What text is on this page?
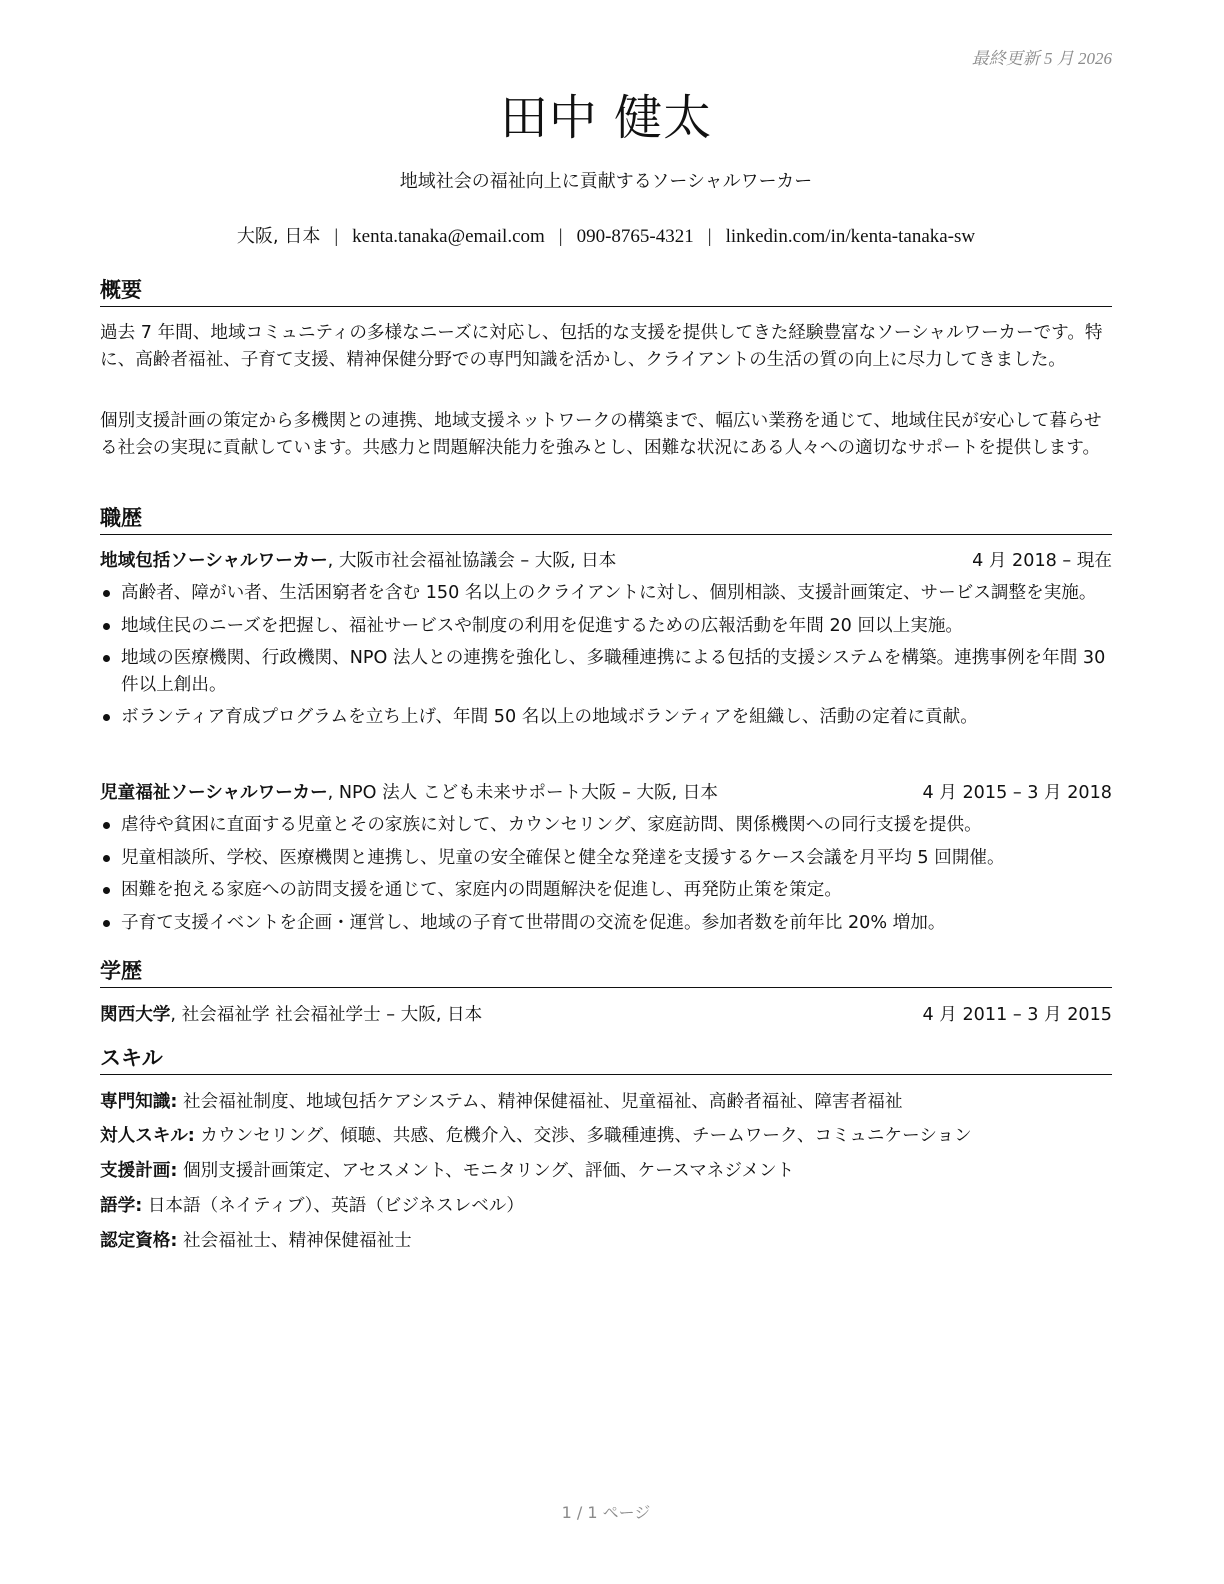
最終更新 5 月 2026
田中 健太
地域社会の福祉向上に貢献するソーシャルワーカー
大阪, 日本 | kenta.tanaka@email.com | 090-8765-4321 | linkedin.com/in/kenta-tanaka-sw
概要
過去 7 年間、地域コミュニティの多様なニーズに対応し、包括的な支援を提供してきた経験豊富なソーシャルワーカーです。特に、高齢者福祉、子育て支援、精神保健分野での専門知識を活かし、クライアントの生活の質の向上に尽力してきました。
個別支援計画の策定から多機関との連携、地域支援ネットワークの構築まで、幅広い業務を通じて、地域住民が安心して暮らせる社会の実現に貢献しています。共感力と問題解決能力を強みとし、困難な状況にある人々への適切なサポートを提供します。
職歴
地域包括ソーシャルワーカー, 大阪市社会福祉協議会 – 大阪, 日本	4 月 2018 – 現在
高齢者、障がい者、生活困窮者を含む 150 名以上のクライアントに対し、個別相談、支援計画策定、サービス調整を実施。
地域住民のニーズを把握し、福祉サービスや制度の利用を促進するための広報活動を年間 20 回以上実施。
地域の医療機関、行政機関、NPO 法人との連携を強化し、多職種連携による包括的支援システムを構築。連携事例を年間 30 件以上創出。
ボランティア育成プログラムを立ち上げ、年間 50 名以上の地域ボランティアを組織し、活動の定着に貢献。
児童福祉ソーシャルワーカー, NPO 法人 こども未来サポート大阪 – 大阪, 日本	4 月 2015 – 3 月 2018
虐待や貧困に直面する児童とその家族に対して、カウンセリング、家庭訪問、関係機関への同行支援を提供。
児童相談所、学校、医療機関と連携し、児童の安全確保と健全な発達を支援するケース会議を月平均 5 回開催。
困難を抱える家庭への訪問支援を通じて、家庭内の問題解決を促進し、再発防止策を策定。
子育て支援イベントを企画・運営し、地域の子育て世帯間の交流を促進。参加者数を前年比 20% 増加。
学歴
関西大学, 社会福祉学 社会福祉学士 – 大阪, 日本	4 月 2011 – 3 月 2015
スキル
専門知識: 社会福祉制度、地域包括ケアシステム、精神保健福祉、児童福祉、高齢者福祉、障害者福祉
対人スキル: カウンセリング、傾聴、共感、危機介入、交渉、多職種連携、チームワーク、コミュニケーション
支援計画: 個別支援計画策定、アセスメント、モニタリング、評価、ケースマネジメント
語学: 日本語（ネイティブ）、英語（ビジネスレベル）
認定資格: 社会福祉士、精神保健福祉士
1 / 1 ページ
